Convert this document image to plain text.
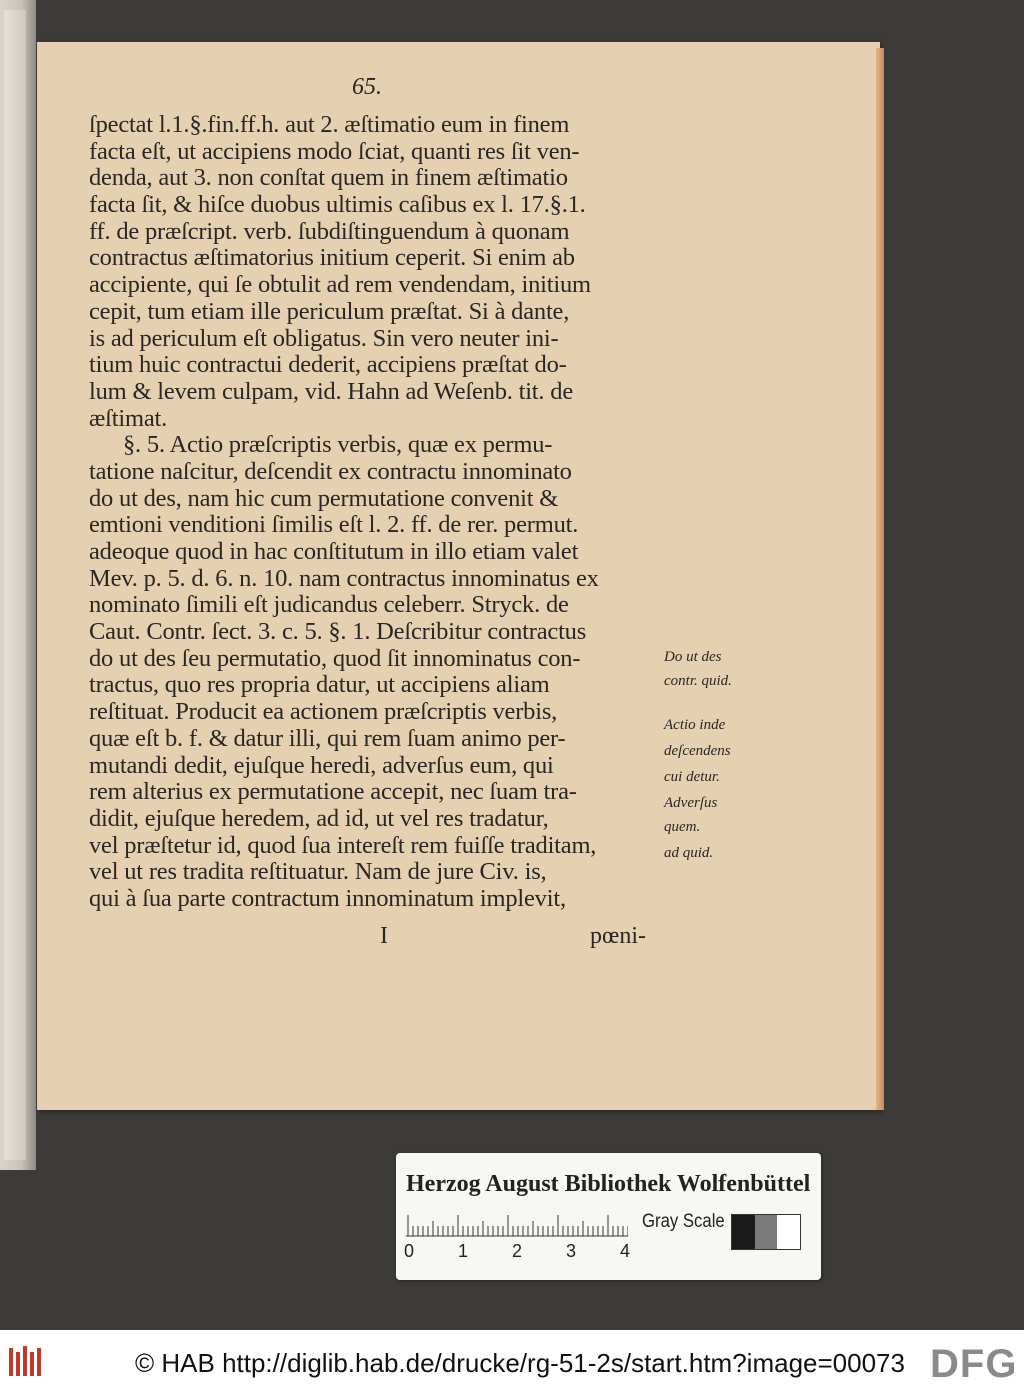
65.
ſpectat l.1.§.fin.ff.h. aut 2. æſtimatio eum in finem
facta eſt, ut accipiens modo ſciat, quanti res ſit ven-
denda, aut 3. non conſtat quem in finem æſtimatio
facta ſit, & hiſce duobus ultimis caſibus ex l. 17.§.1.
ff. de præſcript. verb. ſubdiſtinguendum à quonam
contractus æſtimatorius initium ceperit. Si enim ab
accipiente, qui ſe obtulit ad rem vendendam, initium
cepit, tum etiam ille periculum præſtat. Si à dante,
is ad periculum eſt obligatus. Sin vero neuter ini-
tium huic contractui dederit, accipiens præſtat do-
lum & levem culpam, vid. Hahn ad Weſenb. tit. de
æſtimat.
§. 5. Actio præſcriptis verbis, quæ ex permu-
tatione naſcitur, deſcendit ex contractu innominato
do ut des, nam hic cum permutatione convenit &
emtioni venditioni ſimilis eſt l. 2. ff. de rer. permut.
adeoque quod in hac conſtitutum in illo etiam valet
Mev. p. 5. d. 6. n. 10. nam contractus innominatus ex
nominato ſimili eſt judicandus celeberr. Stryck. de
Caut. Contr. ſect. 3. c. 5. §. 1. Deſcribitur contractus
do ut des ſeu permutatio, quod ſit innominatus con-
tractus, quo res propria datur, ut accipiens aliam
reſtituat. Producit ea actionem præſcriptis verbis,
quæ eſt b. f. & datur illi, qui rem ſuam animo per-
mutandi dedit, ejuſque heredi, adverſus eum, qui
rem alterius ex permutatione accepit, nec ſuam tra-
didit, ejuſque heredem, ad id, ut vel res tradatur,
vel præſtetur id, quod ſua intereſt rem fuiſſe traditam,
vel ut res tradita reſtituatur. Nam de jure Civ. is,
qui à ſua parte contractum innominatum implevit,
I	pœni-
Do ut des
contr. quid.
Actio inde
deſcendens
cui detur.
Adverſus
quem.
ad quid.
Herzog August Bibliothek Wolfenbüttel
0 1 2 3 4
Gray Scale
© HAB http://diglib.hab.de/drucke/rg-51-2s/start.htm?image=00073 DFG
